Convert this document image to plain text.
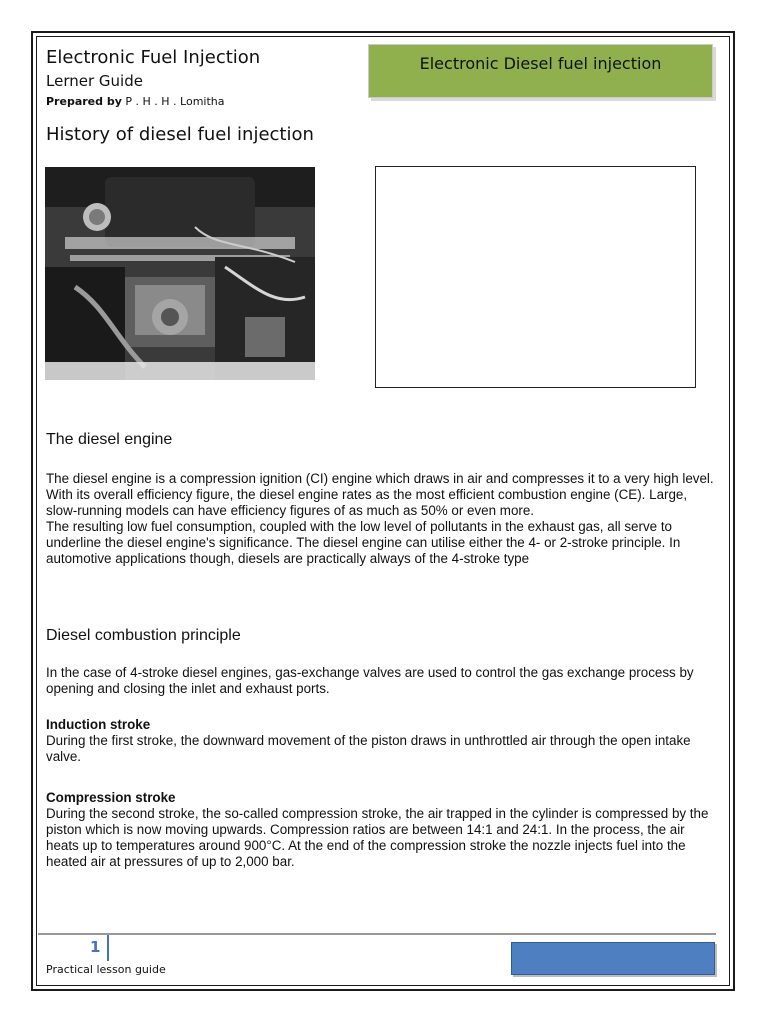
Electronic Fuel Injection
Lerner Guide
Prepared by P . H . H . Lomitha
Electronic Diesel fuel injection
History of diesel fuel injection
The diesel engine

The diesel engine is a compression ignition (CI) engine which draws in air and compresses it to a very high level. With its overall efficiency figure, the diesel engine rates as the most efficient combustion engine (CE). Large, slow-running models can have efficiency figures of as much as 50% or even more.

The resulting low fuel consumption, coupled with the low level of pollutants in the exhaust gas, all serve to underline the diesel engine's significance. The diesel engine can utilise either the 4- or 2-stroke principle. In automotive applications though, diesels are practically always of the 4-stroke type

Diesel combustion principle
In the case of 4-stroke diesel engines, gas-exchange valves are used to control the gas exchange process by opening and closing the inlet and exhaust ports.
Induction stroke

During the first stroke, the downward movement of the piston draws in unthrottled air through the open intake valve.

Compression stroke

During the second stroke, the so-called compression stroke, the air trapped in the cylinder is compressed by the piston which is now moving upwards. Compression ratios are between 14:1 and 24:1. In the process, the air heats up to temperatures around 900°C. At the end of the compression stroke the nozzle injects fuel into the heated air at pressures of up to 2,000 bar.

1
Practical lesson guide
